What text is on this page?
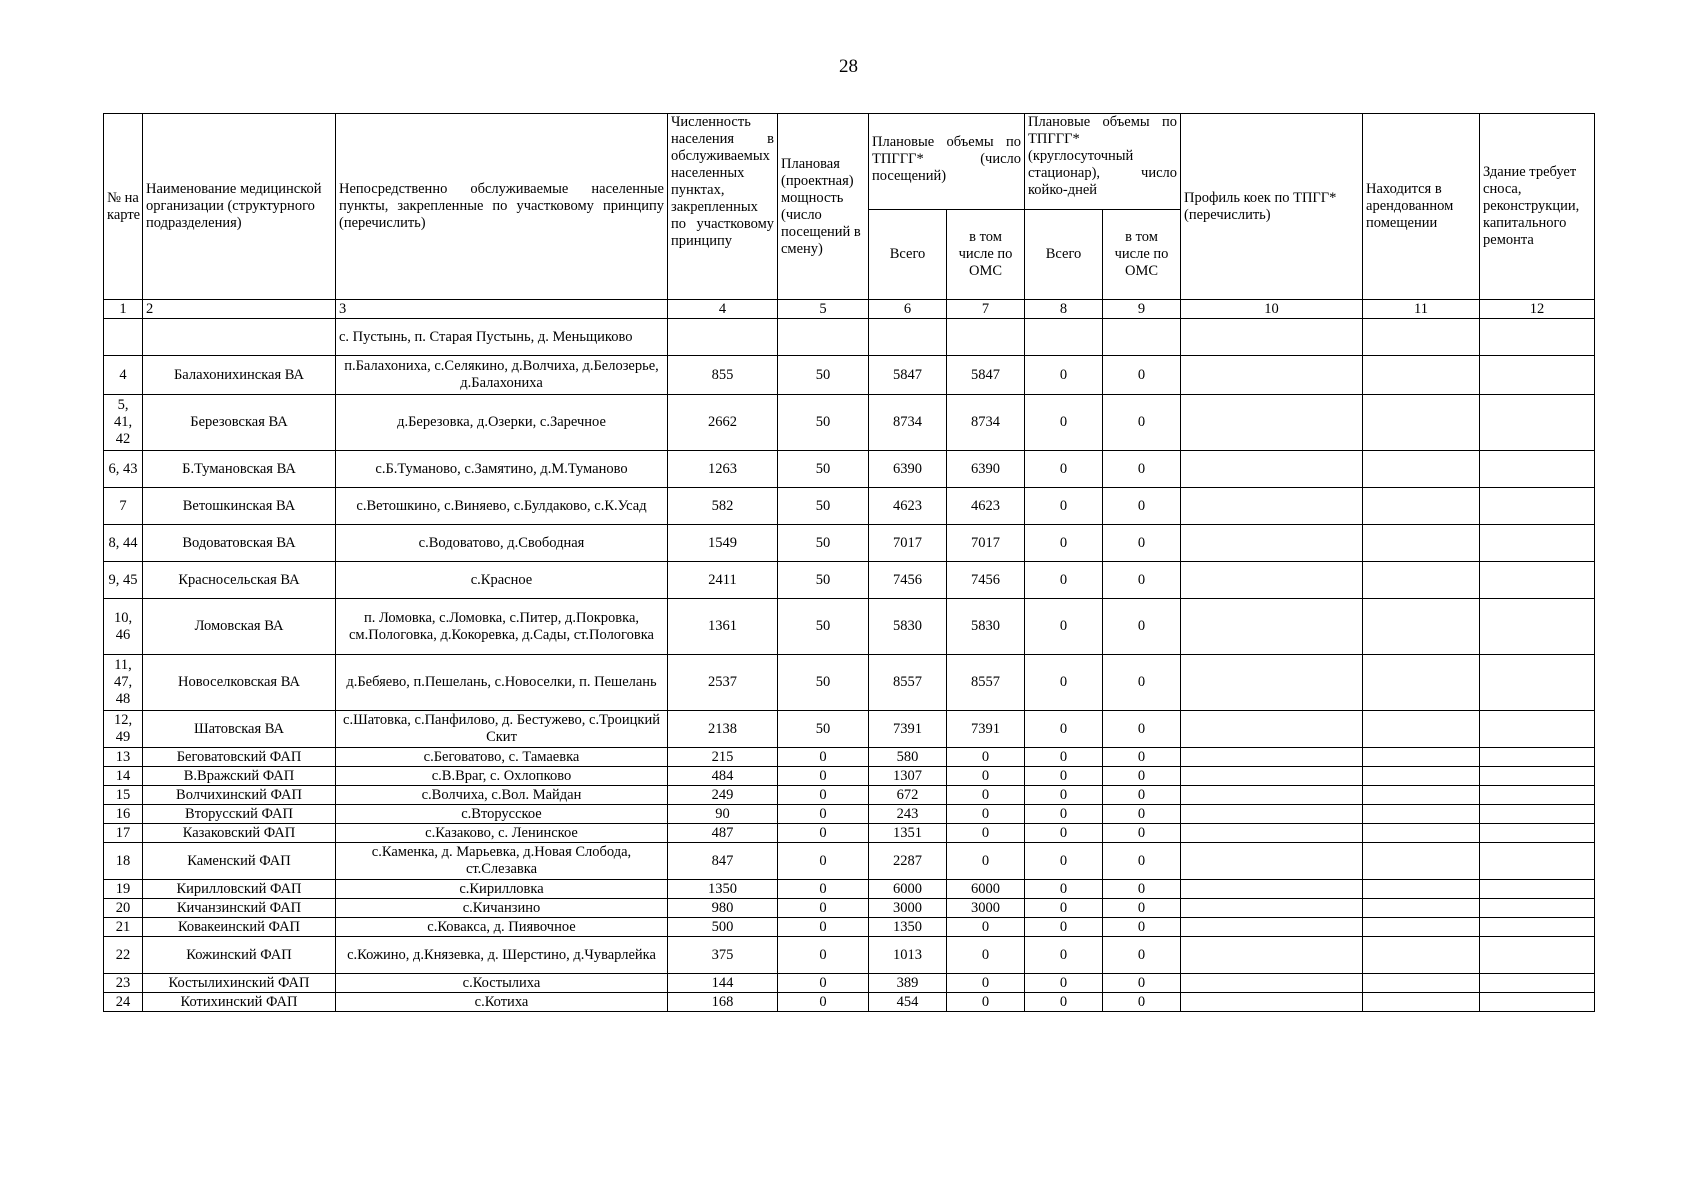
28
№ на карте	Наименование медицинской организации (структурного подразделения)	Непосредственно обслуживаемые населенные пункты, закрепленные по участковому принципу (перечислить)	Численность населения в обслуживаемых населенных пунктах, закрепленных по участковому принципу	Плановая (проектная) мощность (число посещений в смену)	Плановые объемы по ТПГГГ* (число посещений)		Плановые объемы по ТПГГГ* (круглосуточный стационар), число койко-дней		Профиль коек по ТПГГ* (перечислить)	Находится в арендованном помещении	Здание требует сноса, реконструкции, капитального ремонта
					Всего	в том числе по ОМС	Всего	в том числе по ОМС			
1	2	3	4	5	6	7	8	9	10	11	12
		с. Пустынь, п. Старая Пустынь, д. Меньщиково									
4	Балахонихинская ВА	п.Балахониха, с.Селякино, д.Волчиха, д.Белозерье, д.Балахониха	855	50	5847	5847	0	0			
5, 41, 42	Березовская ВА	д.Березовка, д.Озерки, с.Заречное	2662	50	8734	8734	0	0			
6, 43	Б.Тумановская ВА	с.Б.Туманово, с.Замятино, д.М.Туманово	1263	50	6390	6390	0	0			
7	Ветошкинская ВА	с.Ветошкино, с.Виняево, с.Булдаково, с.К.Усад	582	50	4623	4623	0	0			
8, 44	Водоватовская ВА	с.Водоватово, д.Свободная	1549	50	7017	7017	0	0			
9, 45	Красносельская ВА	с.Красное	2411	50	7456	7456	0	0			
10, 46	Ломовская ВА	п. Ломовка, с.Ломовка, с.Питер, д.Покровка, см.Пологовка, д.Кокоревка, д.Сады, ст.Пологовка	1361	50	5830	5830	0	0			
11, 47, 48	Новоселковская ВА	д.Бебяево, п.Пешелань, с.Новоселки, п. Пешелань	2537	50	8557	8557	0	0			
12, 49	Шатовская ВА	с.Шатовка, с.Панфилово, д. Бестужево, с.Троицкий Скит	2138	50	7391	7391	0	0			
13	Беговатовский ФАП	с.Беговатово, с. Тамаевка	215	0	580	0	0	0			
14	В.Вражский ФАП	с.В.Враг, с. Охлопково	484	0	1307	0	0	0			
15	Волчихинский ФАП	с.Волчиха, с.Вол. Майдан	249	0	672	0	0	0			
16	Вторусский ФАП	с.Вторусское	90	0	243	0	0	0			
17	Казаковский ФАП	с.Казаково, с. Ленинское	487	0	1351	0	0	0			
18	Каменский ФАП	с.Каменка, д. Марьевка, д.Новая Слобода, ст.Слезавка	847	0	2287	0	0	0			
19	Кирилловский ФАП	с.Кирилловка	1350	0	6000	6000	0	0			
20	Кичанзинский ФАП	с.Кичанзино	980	0	3000	3000	0	0			
21	Ковакеинский ФАП	с.Ковакса, д. Пиявочное	500	0	1350	0	0	0			
22	Кожинский ФАП	с.Кожино, д.Князевка, д. Шерстино, д.Чуварлейка	375	0	1013	0	0	0			
23	Костылихинский ФАП	с.Костылиха	144	0	389	0	0	0			
24	Котихинский ФАП	с.Котиха	168	0	454	0	0	0			
